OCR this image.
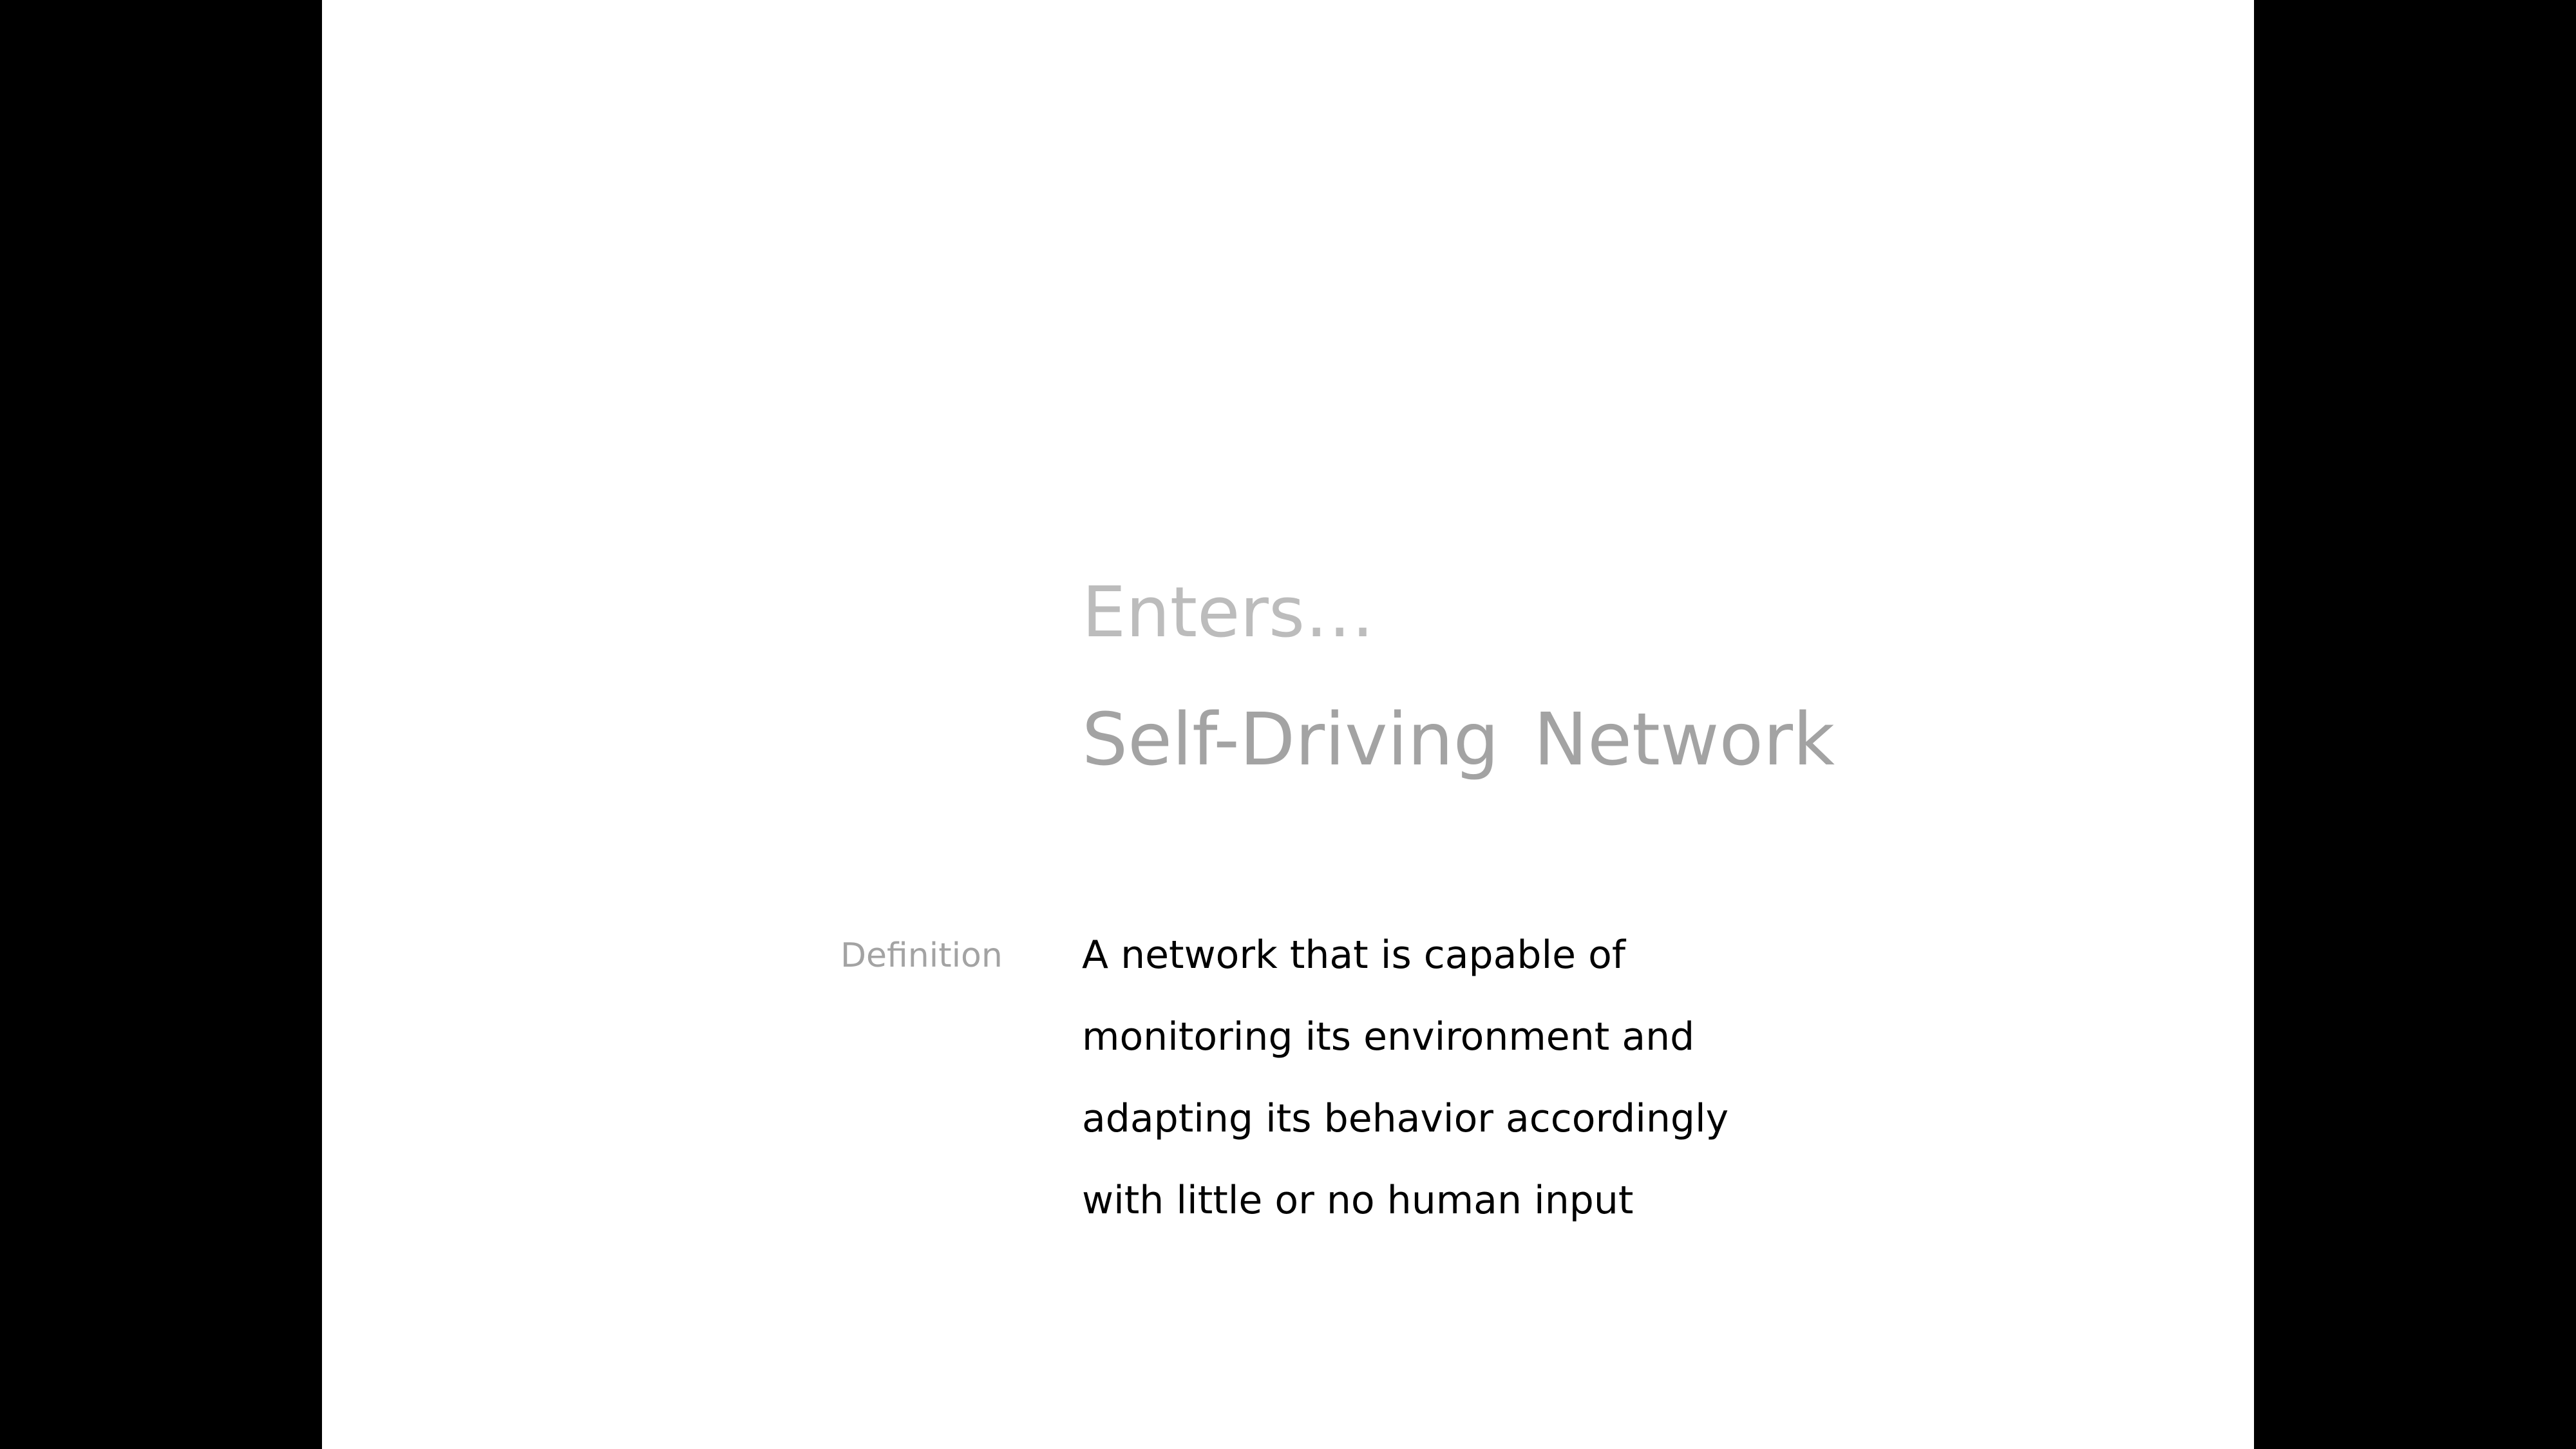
Enters…
Self-Driving Network
Definition	A network that is capable of
monitoring its environment and
adapting its behavior accordingly
with little or no human input
